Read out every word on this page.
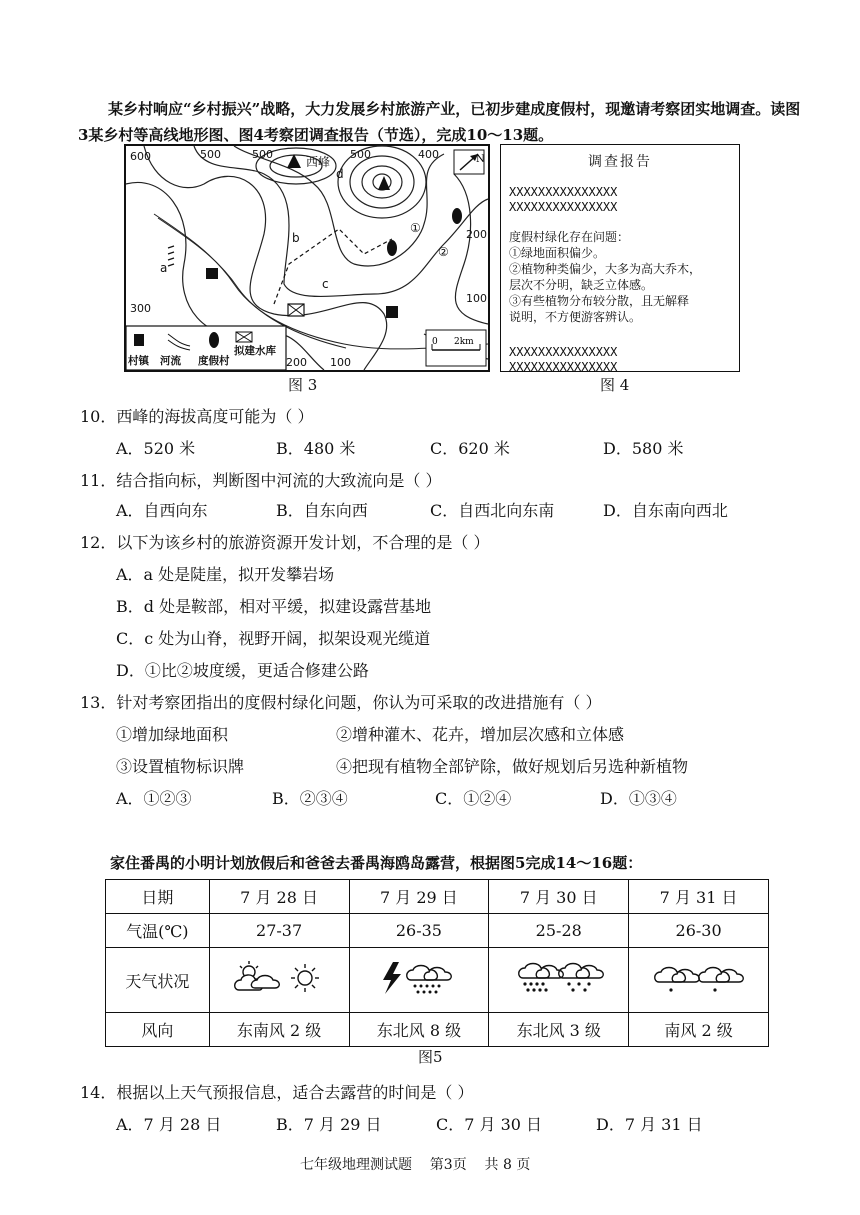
某乡村响应“乡村振兴”战略，大力发展乡村旅游产业，已初步建成度假村，现邀请考察团实地调查。读图3某乡村等高线地形图、图4考察团调查报告（节选），完成10～13题。
N
600	500	500	500	400
300
200
200
100
100
西峰
a
b
c
d
①
②
村镇 河流 度假村
拟建水库
0 2km
调查报告
XXXXXXXXXXXXXXX
XXXXXXXXXXXXXXX
度假村绿化存在问题：
①绿地面积偏少。
②植物种类偏少，大多为高大乔木，
层次不分明，缺乏立体感。
③有些植物分布较分散，且无解释
说明，不方便游客辨认。
XXXXXXXXXXXXXXX
XXXXXXXXXXXXXXX
图 3	图 4
10．西峰的海拔高度可能为（ ）
A．520 米	B．480 米	C．620 米	D．580 米
11．结合指向标，判断图中河流的大致流向是（ ）
A．自西向东	B．自东向西	C．自西北向东南	D．自东南向西北
12．以下为该乡村的旅游资源开发计划，不合理的是（ ）
A．a 处是陡崖，拟开发攀岩场
B．d 处是鞍部，相对平缓，拟建设露营基地
C．c 处为山脊，视野开阔，拟架设观光缆道
D．①比②坡度缓，更适合修建公路
13．针对考察团指出的度假村绿化问题，你认为可采取的改进措施有（ ）
①增加绿地面积	②增种灌木、花卉，增加层次感和立体感
③设置植物标识牌	④把现有植物全部铲除，做好规划后另选种新植物
A．①②③	B．②③④	C．①②④	D．①③④
家住番禺的小明计划放假后和爸爸去番禺海鸥岛露营，根据图5完成14～16题：
日期	7 月 28 日	7 月 29 日	7 月 30 日	7 月 31 日
气温(℃)	27-37	26-35	25-28	26-30
天气状况				
风向	东南风 2 级	东北风 8 级	东北风 3 级	南风 2 级
图5
14．根据以上天气预报信息，适合去露营的时间是（ ）
A．7 月 28 日	B．7 月 29 日	C．7 月 30 日	D．7 月 31 日
七年级地理测试题    第3页    共 8 页
